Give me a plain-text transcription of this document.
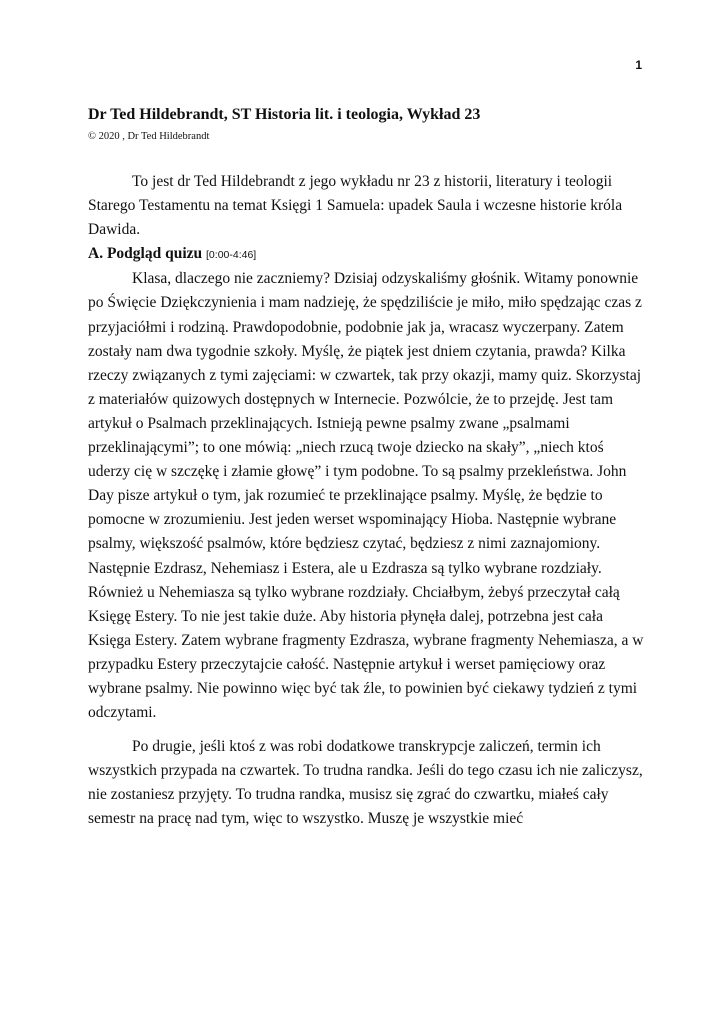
1
Dr Ted Hildebrandt, ST Historia lit. i teologia, Wykład 23
© 2020 , Dr Ted Hildebrandt

To jest dr Ted Hildebrandt z jego wykładu nr 23 z historii, literatury i teologii Starego Testamentu na temat Księgi 1 Samuela: upadek Saula i wczesne historie króla Dawida.

A. Podgląd quizu [0:00-4:46]

Klasa, dlaczego nie zaczniemy? Dzisiaj odzyskaliśmy głośnik. Witamy ponownie po Święcie Dziękczynienia i mam nadzieję, że spędziliście je miło, miło spędzając czas z przyjaciółmi i rodziną. Prawdopodobnie, podobnie jak ja, wracasz wyczerpany. Zatem zostały nam dwa tygodnie szkoły. Myślę, że piątek jest dniem czytania, prawda? Kilka rzeczy związanych z tymi zajęciami: w czwartek, tak przy okazji, mamy quiz. Skorzystaj z materiałów quizowych dostępnych w Internecie. Pozwólcie, że to przejdę. Jest tam artykuł o Psalmach przeklinających. Istnieją pewne psalmy zwane „psalmami przeklinającymi”; to one mówią: „niech rzucą twoje dziecko na skały”, „niech ktoś uderzy cię w szczękę i złamie głowę” i tym podobne. To są psalmy przekleństwa. John Day pisze artykuł o tym, jak rozumieć te przeklinające psalmy. Myślę, że będzie to pomocne w zrozumieniu. Jest jeden werset wspominający Hioba. Następnie wybrane psalmy, większość psalmów, które będziesz czytać, będziesz z nimi zaznajomiony. Następnie Ezdrasz, Nehemiasz i Estera, ale u Ezdrasza są tylko wybrane rozdziały. Również u Nehemiasza są tylko wybrane rozdziały. Chciałbym, żebyś przeczytał całą Księgę Estery. To nie jest takie duże. Aby historia płynęła dalej, potrzebna jest cała Księga Estery. Zatem wybrane fragmenty Ezdrasza, wybrane fragmenty Nehemiasza, a w przypadku Estery przeczytajcie całość. Następnie artykuł i werset pamięciowy oraz wybrane psalmy. Nie powinno więc być tak źle, to powinien być ciekawy tydzień z tymi odczytami.

Po drugie, jeśli ktoś z was robi dodatkowe transkrypcje zaliczeń, termin ich wszystkich przypada na czwartek. To trudna randka. Jeśli do tego czasu ich nie zaliczysz, nie zostaniesz przyjęty. To trudna randka, musisz się zgrać do czwartku, miałeś cały semestr na pracę nad tym, więc to wszystko. Muszę je wszystkie mieć
